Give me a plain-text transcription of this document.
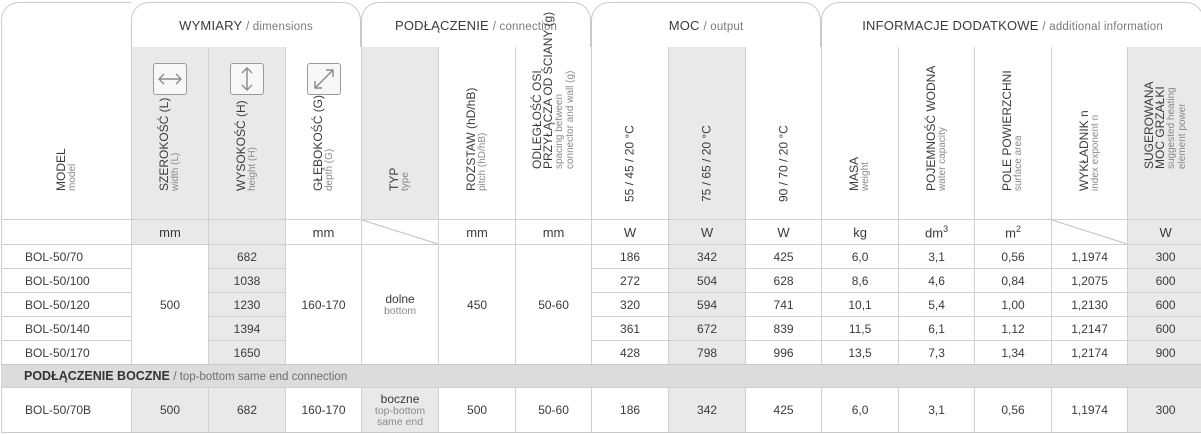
MODEL model	WYMIARY / dimensions			PODŁĄCZENIE / connection			MOC / output			INFORMACJE DODATKOWE / additional information				

	SZEROKOŚĆ (L) width (L)	WYSOKOŚĆ (H) height (H)	GŁĘBOKOŚĆ (G) depth (G)	TYP type	ROZSTAW (hD/hB) pitch (hD/hB)	ODLEGŁOŚĆ OSI
PRZYŁĄCZA OD ŚCIANY (g) spacing between connector and wall (g)	55 / 45 / 20 °C	75 / 65 / 20 °C	90 / 70 / 20 °C	MASA weight	POJEMNOŚĆ WODNA water capacity	POLE POWIERZCHNI surface area	WYKŁADNIK n index exponent n	SUGEROWANA
MOC GRZAŁKI suggested heating element power

	mm		mm		mm	mm	W	W	W	kg	$dm^3$	$m^2$		W
BOL-50/70	500	682	160-170	dolne
bottom	450	50-60	186	342	425	6,0	3,1	0,56	1,1974	300
BOL-50/100		1038					272	504	628	8,6	4,6	0,84	1,2075	600
BOL-50/120		1230					320	594	741	10,1	5,4	1,00	1,2130	600
BOL-50/140		1394					361	672	839	11,5	6,1	1,12	1,2147	600
BOL-50/170		1650					428	798	996	13,5	7,3	1,34	1,2174	900
PODŁĄCZENIE BOCZNE / top-bottom same end connection														
BOL-50/70B	500	682	160-170	boczne
top-bottom
same end	500	50-60	186	342	425	6,0	3,1	0,56	1,1974	300
